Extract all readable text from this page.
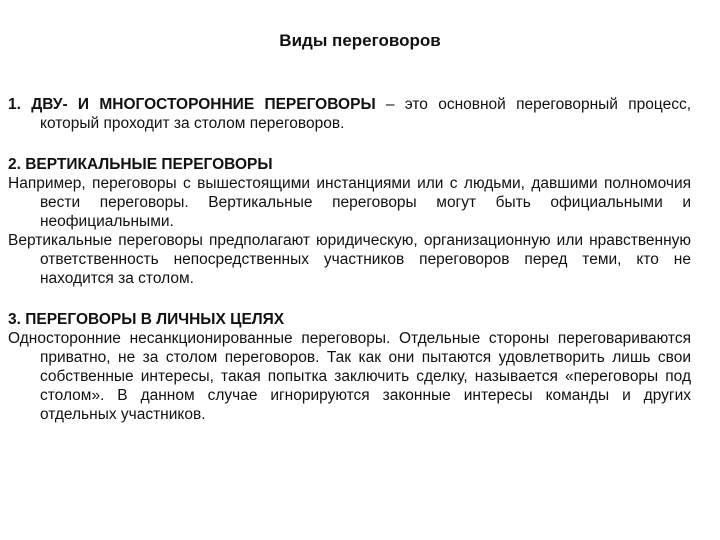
Виды переговоров

1. ДВУ- И МНОГОСТОРОННИЕ ПЕРЕГОВОРЫ – это основной переговорный процесс, который проходит за столом переговоров.

2. ВЕРТИКАЛЬНЫЕ ПЕРЕГОВОРЫ

Например, переговоры с вышестоящими инстанциями или с людьми, давшими полномочия вести переговоры. Вертикальные переговоры могут быть официальными и неофициальными.

Вертикальные переговоры предполагают юридическую, организационную или нравственную ответственность непосредственных участников переговоров перед теми, кто не находится за столом.

3. ПЕРЕГОВОРЫ В ЛИЧНЫХ ЦЕЛЯХ

Односторонние несанкционированные переговоры. Отдельные стороны переговариваются приватно, не за столом переговоров. Так как они пытаются удовлетворить лишь свои собственные интересы, такая попытка заключить сделку, называется «переговоры под столом». В данном случае игнорируются законные интересы команды и других отдельных участников.
